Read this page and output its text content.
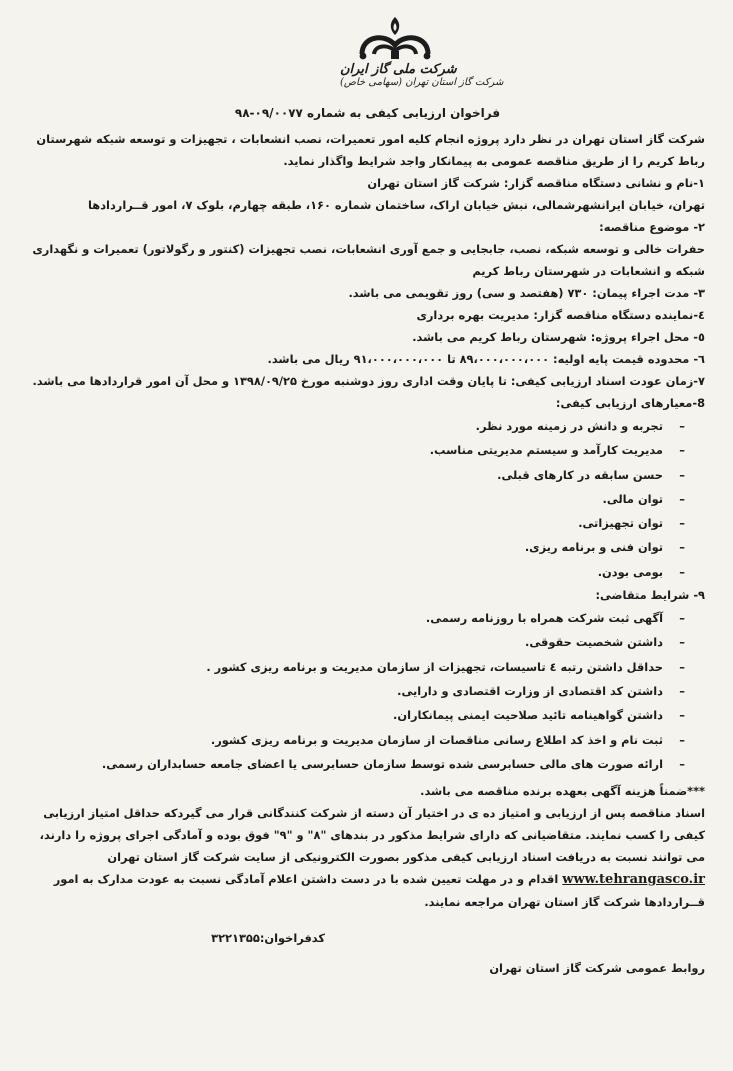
شرکت ملی گاز ایران
شرکت گاز استان تهران (سهامی خاص)
فراخوان ارزیابی کیفی به شماره ۰۹/۰۰۷۷-۹۸

شرکت گاز استان تهران در نظر دارد پروژه انجام کلیه امور تعمیرات، نصب انشعابات ، تجهیزات و توسعه شبکه شهرستان رباط کریم را از طریق مناقصه عمومی به پیمانکار واجد شرایط واگذار نماید.

۱-نام و نشانی دستگاه مناقصه گزار: شرکت گاز استان تهران

تهران، خیابان ایرانشهرشمالی، نبش خیابان اراک، ساختمان شماره ۱۶۰، طبقه چهارم، بلوک ۷، امور قــراردادها

۲- موضوع مناقصه:

حفرات خالی و توسعه شبکه، نصب، جابجایی و جمع آوری انشعابات، نصب تجهیزات (کنتور و رگولاتور) تعمیرات و نگهداری شبکه و انشعابات در شهرستان رباط کریم

۳- مدت اجراء پیمان: ۷۳۰ (هفتصد و سی) روز تقویمی می باشد.

٤-نماینده دستگاه مناقصه گزار: مدیریت بهره برداری

٥- محل اجراء پروژه: شهرستان رباط کریم می باشد.

٦- محدوده قیمت پایه اولیه: ۸۹،۰۰۰،۰۰۰،۰۰۰ تا ۹۱،۰۰۰،۰۰۰،۰۰۰ ریال می باشد.

۷-زمان عودت اسناد ارزیابی کیفی: تا پایان وقت اداری روز دوشنبه مورخ ۱۳۹۸/۰۹/۲۵ و محل آن امور قراردادها می باشد.

8-معیارهای ارزیابی کیفی:

– تجربه و دانش در زمینه مورد نظر.
– مدیریت کارآمد و سیستم مدیریتی مناسب.
– حسن سابقه در کارهای قبلی.
– توان مالی.
– توان تجهیزاتی.
– توان فنی و برنامه ریزی.
– بومی بودن.

۹- شرایط متقاضی:

– آگهی ثبت شرکت همراه با روزنامه رسمی.
– داشتن شخصیت حقوقی.
– حداقل داشتن رتبه ٤ تاسیسات، تجهیزات از سازمان مدیریت و برنامه ریزی کشور .
– داشتن کد اقتصادی از وزارت اقتصادی و دارایی.
– داشتن گواهینامه تائید صلاحیت ایمنی پیمانکاران.
– ثبت نام و اخذ کد اطلاع رسانی مناقصات از سازمان مدیریت و برنامه ریزی کشور.
– ارائه صورت های مالی حسابرسی شده توسط سازمان حسابرسی یا اعضای جامعه حسابداران رسمی.

***ضمناً هزینه آگهی بعهده برنده مناقصه می باشد.

اسناد مناقصه پس از ارزیابی و امتیاز ده ی در اختیار آن دسته از شرکت کنندگانی قرار می گیردکه حداقل امتیاز ارزیابی کیفی را کسب نمایند. متقاضیانی که دارای شرایط مذکور در بندهای "۸" و "۹" فوق بوده و آمادگی اجرای پروژه را دارند، می توانند نسبت به دریافت اسناد ارزیابی کیفی مذکور بصورت الکترونیکی از سایت شرکت گاز استان تهران www.tehrangasco.ir اقدام و در مهلت تعیین شده با در دست داشتن اعلام آمادگی نسبت به عودت مدارک به امور قــراردادها شرکت گاز استان تهران مراجعه نمایند.

کدفراخوان:۳۲۲۱۳۵۵
روابط عمومی شرکت گاز استان تهران
